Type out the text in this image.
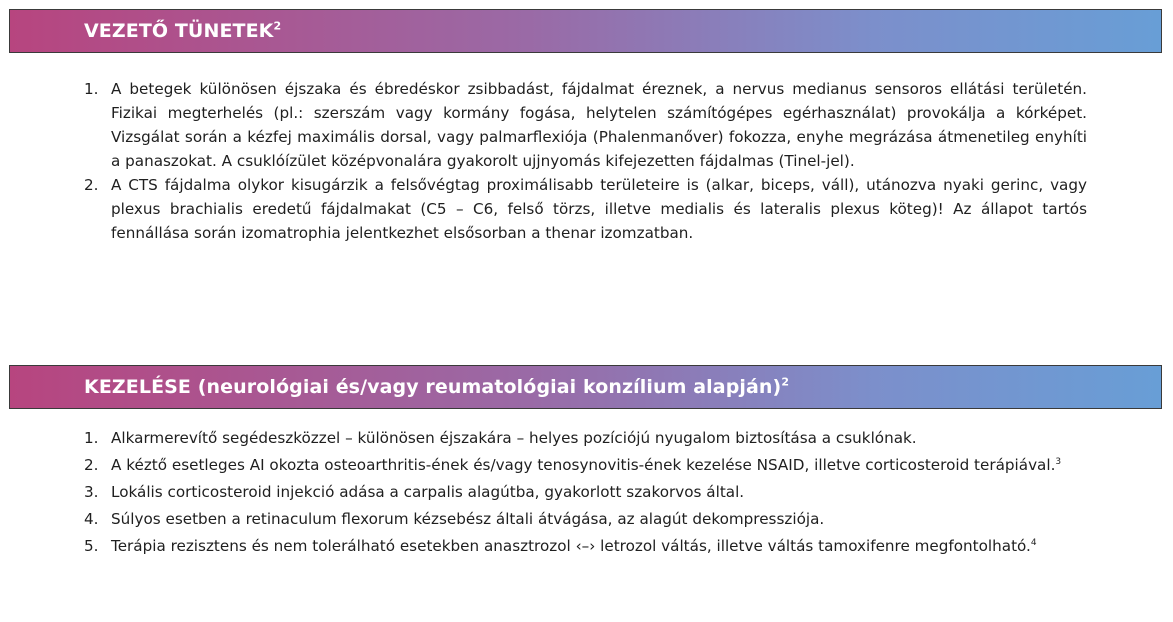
VEZETŐ TÜNETEK$^2$
1. A betegek különösen éjszaka és ébredéskor zsibbadást, fájdalmat éreznek, a nervus medianus sensoros ellátási területén. Fizikai megterhelés (pl.: szerszám vagy kormány fogása, helytelen számítógépes egérhasználat) provokálja a kórképet. Vizsgálat során a kézfej maximális dorsal, vagy palmarflexiója (Phalenmanőver) fokozza, enyhe megrázása átmenetileg enyhíti a panaszokat. A csuklóízület középvonalára gyakorolt ujjnyomás kifejezetten fájdalmas (Tinel-jel).
2. A CTS fájdalma olykor kisugárzik a felsővégtag proximálisabb területeire is (alkar, biceps, váll), utánozva nyaki gerinc, vagy plexus brachialis eredetű fájdalmakat (C5 – C6, felső törzs, illetve medialis és lateralis plexus köteg)! Az állapot tartós fennállása során izomatrophia jelentkezhet elsősorban a thenar izomzatban.
KEZELÉSE (neurológiai és/vagy reumatológiai konzílium alapján)$^2$
1. Alkarmerevítő segédeszközzel – különösen éjszakára – helyes pozíciójú nyugalom biztosítása a csuklónak.
2. A kéztő esetleges AI okozta osteoarthritis-ének és/vagy tenosynovitis-ének kezelése NSAID, illetve corticosteroid terápiával.$^3$
3. Lokális corticosteroid injekció adása a carpalis alagútba, gyakorlott szakorvos által.
4. Súlyos esetben a retinaculum flexorum kézsebész általi átvágása, az alagút dekompressziója.
5. Terápia rezisztens és nem tolerálható esetekben anasztrozol ‹–› letrozol váltás, illetve váltás tamoxifenre megfontolható.$^4$
